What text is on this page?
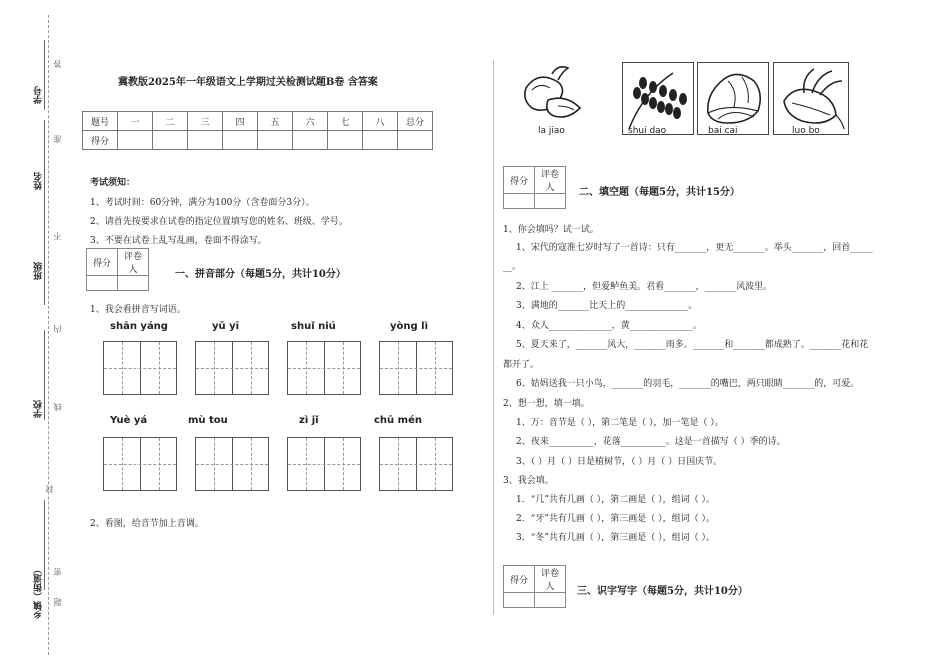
学号
姓名
班级
学校
乡镇（街道）
答
准
不
内
线
封
密
题
冀教版2025年一年级语文上学期过关检测试题B卷 含答案
题号	一	二	三	四	五	六	七	八	总分
得分									
考试须知：
1、考试时间：60分钟，满分为100分（含卷面分3分）。
2、请首先按要求在试卷的指定位置填写您的姓名、班级、学号。
3、不要在试卷上乱写乱画，卷面不得涂写。
得分	评卷人
		一、拼音部分（每题5分，共计10分）
1、我会看拼音写词语。
shān yáng	yǔ yī	shuǐ niú	yòng lì
Yuè yá	mù tou	zì jǐ	chū mén
2、看图，给音节加上音调。
la jiao	shui dao	bai cai	luo bo
得分	评卷人
	二、填空题（每题5分，共计15分）
1、你会填吗？试一试。
1、宋代的寇准七岁时写了一首诗：只有_______，更无_______。举头_______，回首_____
__。
2、江上 _______，但爱鲈鱼美。君看_______，_______风波里。
3、满地的_______比天上的______________。
4、众人______________，黄______________。
5、夏天来了，_______风大，_______雨多。_______和_______都成熟了。_______花和花
都开了。
6、姑妈送我一只小鸟，_______的羽毛，_______的嘴巴，两只眼睛_______的，可爱。
2、想一想，填一填。
1、万：音节是（ ），第二笔是（ ），加一笔是（ ）。
2、夜来__________，花落__________。这是一首描写（ ）季的诗。
3、（ ）月（ ）日是植树节，（ ）月（ ）日国庆节。
3、我会填。
1．“几”共有几画（ ），第二画是（ ），组词（ ）。
2．“牙”共有几画（ ），第三画是（ ），组词（ ）。
3．“冬”共有几画（ ），第三画是（ ），组词（ ）。
得分	评卷人
	三、识字写字（每题5分，共计10分）
